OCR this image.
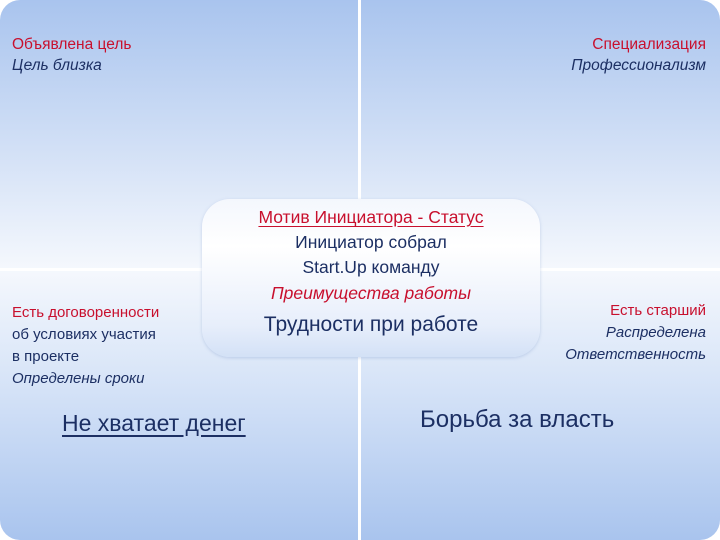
Объявлена цель
Цель близка
Специализация
Профессионализм
Есть договоренности
об условиях участия
в проекте
Определены сроки
Есть старший
Распределена
Ответственность
Не хватает денег	Борьба за власть
Мотив Инициатора - Статус
Инициатор собрал
Start.Up команду
Преимущества работы
Трудности при работе
